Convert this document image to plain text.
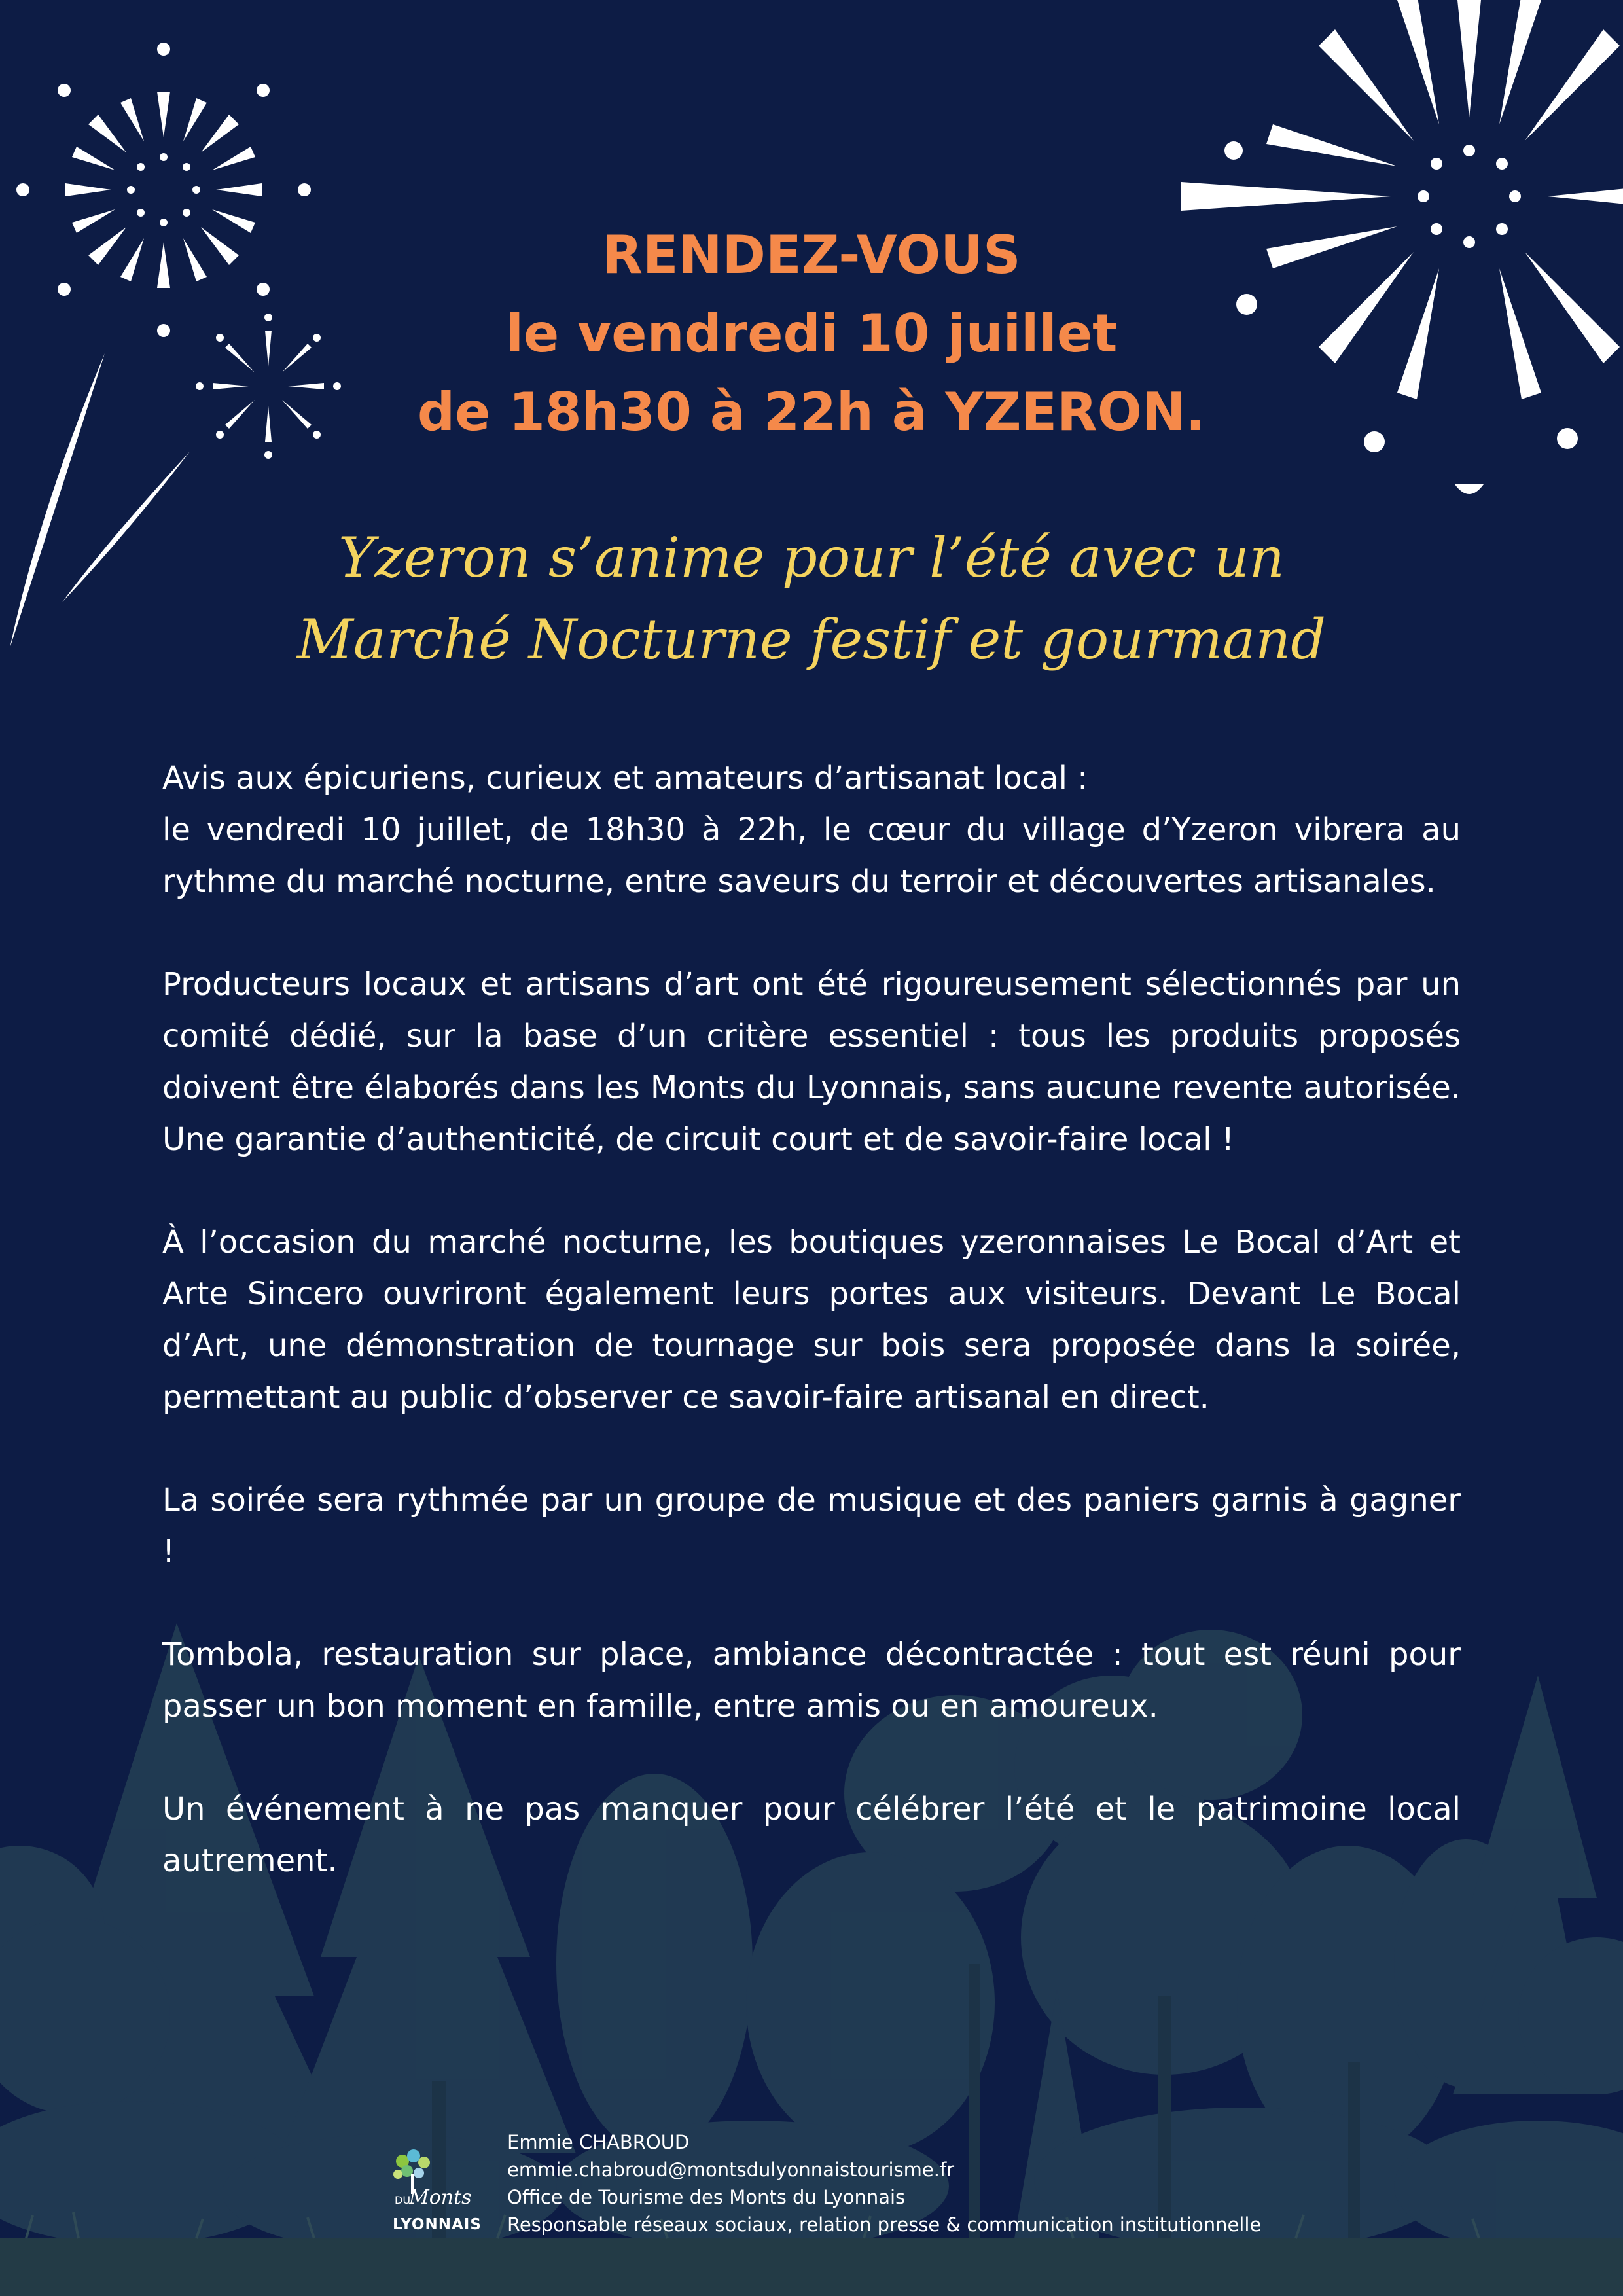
RENDEZ-VOUS
le vendredi 10 juillet
de 18h30 à 22h à YZERON.
Yzeron s’anime pour l’été avec un
Marché Nocturne festif et gourmand

Avis aux épicuriens, curieux et amateurs d’artisanat local :
le vendredi 10 juillet, de 18h30 à 22h, le cœur du village d’Yzeron vibrera au rythme du marché nocturne, entre saveurs du terroir et découvertes artisanales.

Producteurs locaux et artisans d’art ont été rigoureusement sélectionnés par un comité dédié, sur la base d’un critère essentiel : tous les produits proposés doivent être élaborés dans les Monts du Lyonnais, sans aucune revente autorisée. Une garantie d’authenticité, de circuit court et de savoir-faire local !

À l’occasion du marché nocturne, les boutiques yzeronnaises Le Bocal d’Art et Arte Sincero ouvriront également leurs portes aux visiteurs. Devant Le Bocal d’Art, une démonstration de tournage sur bois sera proposée dans la soirée, permettant au public d’observer ce savoir-faire artisanal en direct.

La soirée sera rythmée par un groupe de musique et des paniers garnis à gagner !

Tombola, restauration sur place, ambiance décontractée : tout est réuni pour passer un bon moment en famille, entre amis ou en amoureux.

Un événement à ne pas manquer pour célébrer l’été et le patrimoine local autrement.

Monts
DU
LYONNAIS
Emmie CHABROUD
emmie.chabroud@montsdulyonnaistourisme.fr
Office de Tourisme des Monts du Lyonnais
Responsable réseaux sociaux, relation presse & communication institutionnelle
